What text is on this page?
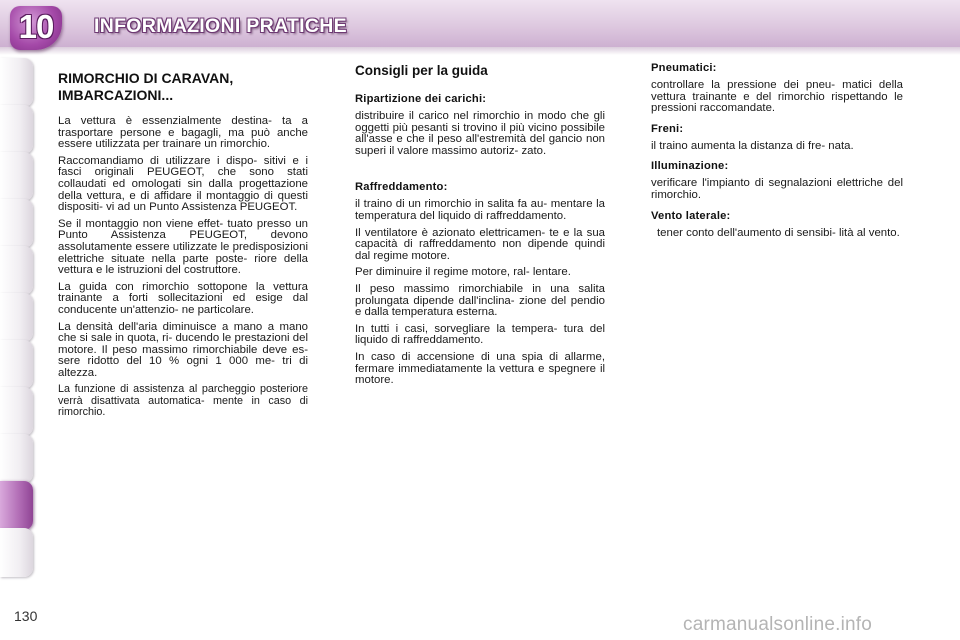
10	INFORMAZIONI PRATICHE
RIMORCHIO DI CARAVAN, IMBARCAZIONI...

La vettura è essenzialmente destina- ta a trasportare persone e bagagli, ma può anche essere utilizzata per trainare un rimorchio.

Raccomandiamo di utilizzare i dispo- sitivi e i fasci originali PEUGEOT, che sono stati collaudati ed omologati sin dalla progettazione della vettura, e di affidare il montaggio di questi dispositi- vi ad un Punto Assistenza PEUGEOT.

Se il montaggio non viene effet- tuato presso un Punto Assistenza PEUGEOT, devono assolutamente essere utilizzate le predisposizioni elettriche situate nella parte poste- riore della vettura e le istruzioni del costruttore.

La guida con rimorchio sottopone la vettura trainante a forti sollecitazioni ed esige dal conducente un'attenzio- ne particolare.

La densità dell'aria diminuisce a mano a mano che si sale in quota, ri- ducendo le prestazioni del motore. Il peso massimo rimorchiabile deve es- sere ridotto del 10 % ogni 1 000 me- tri di altezza.

La funzione di assistenza al parcheggio posteriore verrà disattivata automatica- mente in caso di rimorchio.

Consigli per la guida
Ripartizione dei carichi:

distribuire il carico nel rimorchio in modo che gli oggetti più pesanti si trovino il più vicino possibile all'asse e che il peso all'estremità del gancio non superi il valore massimo autoriz- zato.

Raffreddamento:

il traino di un rimorchio in salita fa au- mentare la temperatura del liquido di raffreddamento.

Il ventilatore è azionato elettricamen- te e la sua capacità di raffreddamento non dipende quindi dal regime motore.

Per diminuire il regime motore, ral- lentare.

Il peso massimo rimorchiabile in una salita prolungata dipende dall'inclina- zione del pendio e dalla temperatura esterna.

In tutti i casi, sorvegliare la tempera- tura del liquido di raffreddamento.

In caso di accensione di una spia di allarme, fermare immediatamente la vettura e spegnere il motore.

Pneumatici:

controllare la pressione dei pneu- matici della vettura trainante e del rimorchio rispettando le pressioni raccomandate.

Freni:

il traino aumenta la distanza di fre- nata.

Illuminazione:

verificare l'impianto di segnalazioni elettriche del rimorchio.

Vento laterale:

tener conto dell'aumento di sensibi- lità al vento.

130	carmanualsonline.info
